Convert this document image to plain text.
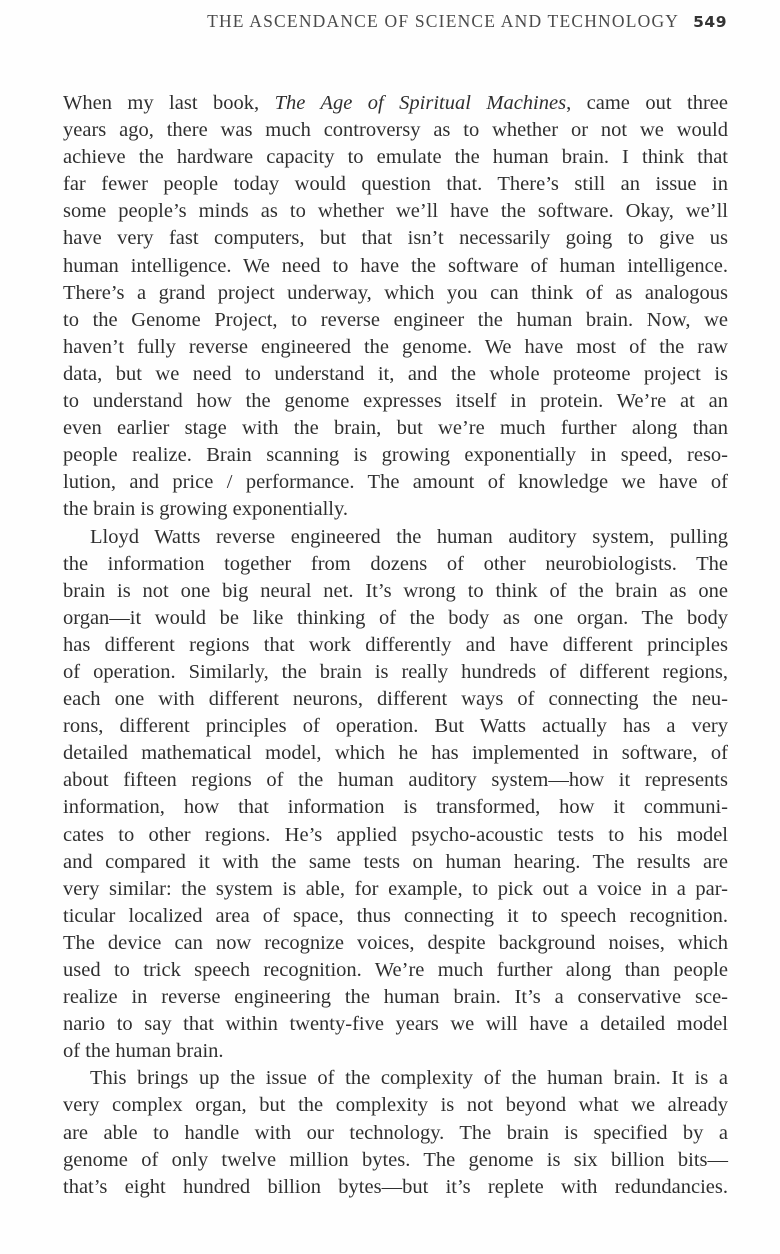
THE ASCENDANCE OF SCIENCE AND TECHNOLOGY 549
When my last book, The Age of Spiritual Machines, came out three
years ago, there was much controversy as to whether or not we would
achieve the hardware capacity to emulate the human brain. I think that
far fewer people today would question that. There’s still an issue in
some people’s minds as to whether we’ll have the software. Okay, we’ll
have very fast computers, but that isn’t necessarily going to give us
human intelligence. We need to have the software of human intelligence.
There’s a grand project underway, which you can think of as analogous
to the Genome Project, to reverse engineer the human brain. Now, we
haven’t fully reverse engineered the genome. We have most of the raw
data, but we need to understand it, and the whole proteome project is
to understand how the genome expresses itself in protein. We’re at an
even earlier stage with the brain, but we’re much further along than
people realize. Brain scanning is growing exponentially in speed, reso-
lution, and price / performance. The amount of knowledge we have of
the brain is growing exponentially.
Lloyd Watts reverse engineered the human auditory system, pulling
the information together from dozens of other neurobiologists. The
brain is not one big neural net. It’s wrong to think of the brain as one
organ—it would be like thinking of the body as one organ. The body
has different regions that work differently and have different principles
of operation. Similarly, the brain is really hundreds of different regions,
each one with different neurons, different ways of connecting the neu-
rons, different principles of operation. But Watts actually has a very
detailed mathematical model, which he has implemented in software, of
about fifteen regions of the human auditory system—how it represents
information, how that information is transformed, how it communi-
cates to other regions. He’s applied psycho-acoustic tests to his model
and compared it with the same tests on human hearing. The results are
very similar: the system is able, for example, to pick out a voice in a par-
ticular localized area of space, thus connecting it to speech recognition.
The device can now recognize voices, despite background noises, which
used to trick speech recognition. We’re much further along than people
realize in reverse engineering the human brain. It’s a conservative sce-
nario to say that within twenty-five years we will have a detailed model
of the human brain.
This brings up the issue of the complexity of the human brain. It is a
very complex organ, but the complexity is not beyond what we already
are able to handle with our technology. The brain is specified by a
genome of only twelve million bytes. The genome is six billion bits—
that’s eight hundred billion bytes—but it’s replete with redundancies.
